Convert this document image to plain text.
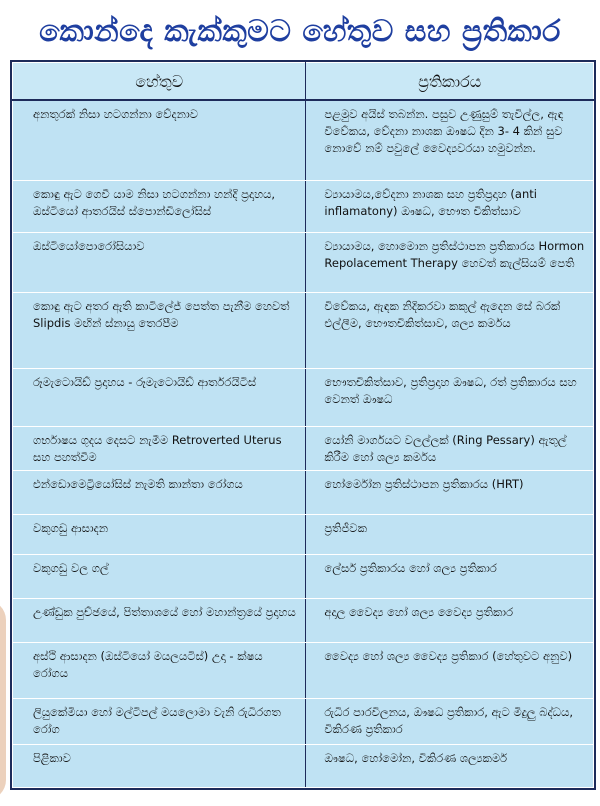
කොන්දෙ කැක්කුමට හේතුව සහ ප්‍රතිකාර
හේතුව	ප්‍රතිකාරය
අනතුරක් නිසා හටගන්නා වේදනාව	පළමුව අයිස් තබන්න. පසුව උණුසුම් තැවිල්ල, ඇඳ විවේකය, වේදනා නාශක ඖෂධ දින 3- 4 කින් සුව නොවේ නම් පවුලේ වෛද්‍යවරයා හමුවන්න.
කොඳු ඇට ගෙවී යාම නිසා හටගන්නා හන්දි ප්‍රදාහය, ඔස්ටියෝ ආතරයිස් ස්පොන්ඩිලෝසිස්	ව්‍යායාමය,වේදනා නාශක සහ ප්‍රතිප්‍රදාහ (anti inflamatony) ඖෂධ, භෞත චිකිත්සාව
ඔස්ටියෝපොරෝසියාව	ව්‍යායාමය, හොමොන ප්‍රතිස්ථාපන ප්‍රතිකාරය Hormon Repolacement Therapy හෙවත් කැල්සියම් පෙති
කොඳු ඇට අතර ඇති කාටිලේජ් පෙත්ත පැනීම හෙවත් Slipdis මඟින් ස්නායු තෙරපීම	විවේකය, ඇඳක නිදිකරවා කකුල් ඇදෙන සේ බරක් එල්ලීම, භෞතචිකිත්සාව, ශල්‍ය කර්මය
රූමැටොයිඩ් ප්‍රදාහය - රූමැටොයිඩ් ආර්තරයිටිස්	භෞතචිකිත්සාව, ප්‍රතිප්‍රදාහ ඖෂධ, රත් ප්‍රතිකාරය සහ වෙනත් ඖෂධ
ගර්භාෂය ගුදය දෙසට නැමීම Retroverted Uterus සහ පහත්වීම	යෝනි මාර්ගයට වලල්ලක් (Ring Pessary) ඇතුල් කිරීම හෝ ශල්‍ය කර්මය
එන්ඩොමෙට්‍රියෝසිස් නැමති කාන්තා රෝගය	හෝර්මෝන ප්‍රතිස්ථාපන ප්‍රතිකාරය (HRT)
වකුගඩු ආසාදන	ප්‍රතිජීවක
වකුගඩු වල ගල්	ලේසර් ප්‍රතිකාරය හෝ ශල්‍ය ප්‍රතිකාර
උණ්ඩුක පුච්ඡයේ, පිත්තාශයේ හෝ මහාන්ත්‍රයේ ප්‍රදාහය	අදාල වෛද්‍ය හෝ ශල්‍ය වෛද්‍ය ප්‍රතිකාර
අස්ථි ආසාදන (ඔස්ටියෝ මයලයටිස්) උදා - ක්ෂය රෝගය	වෛද්‍ය හෝ ශල්‍ය වෛද්‍ය ප්‍රතිකාර (හේතුවට අනුව)
ලියුකේමියා හෝ මල්ටිපල් මයලොමා වැනි රුධිරගත රෝග	රුධිර පාරවිලනය, ඖෂධ ප්‍රතිකාර, ඇට මිදුලු බද්ධය, විකිරණ ප්‍රතිකාර
පිළිකාව	ඖෂධ, හෝමෝන, විකිරණ ශල්‍යකර්ම
